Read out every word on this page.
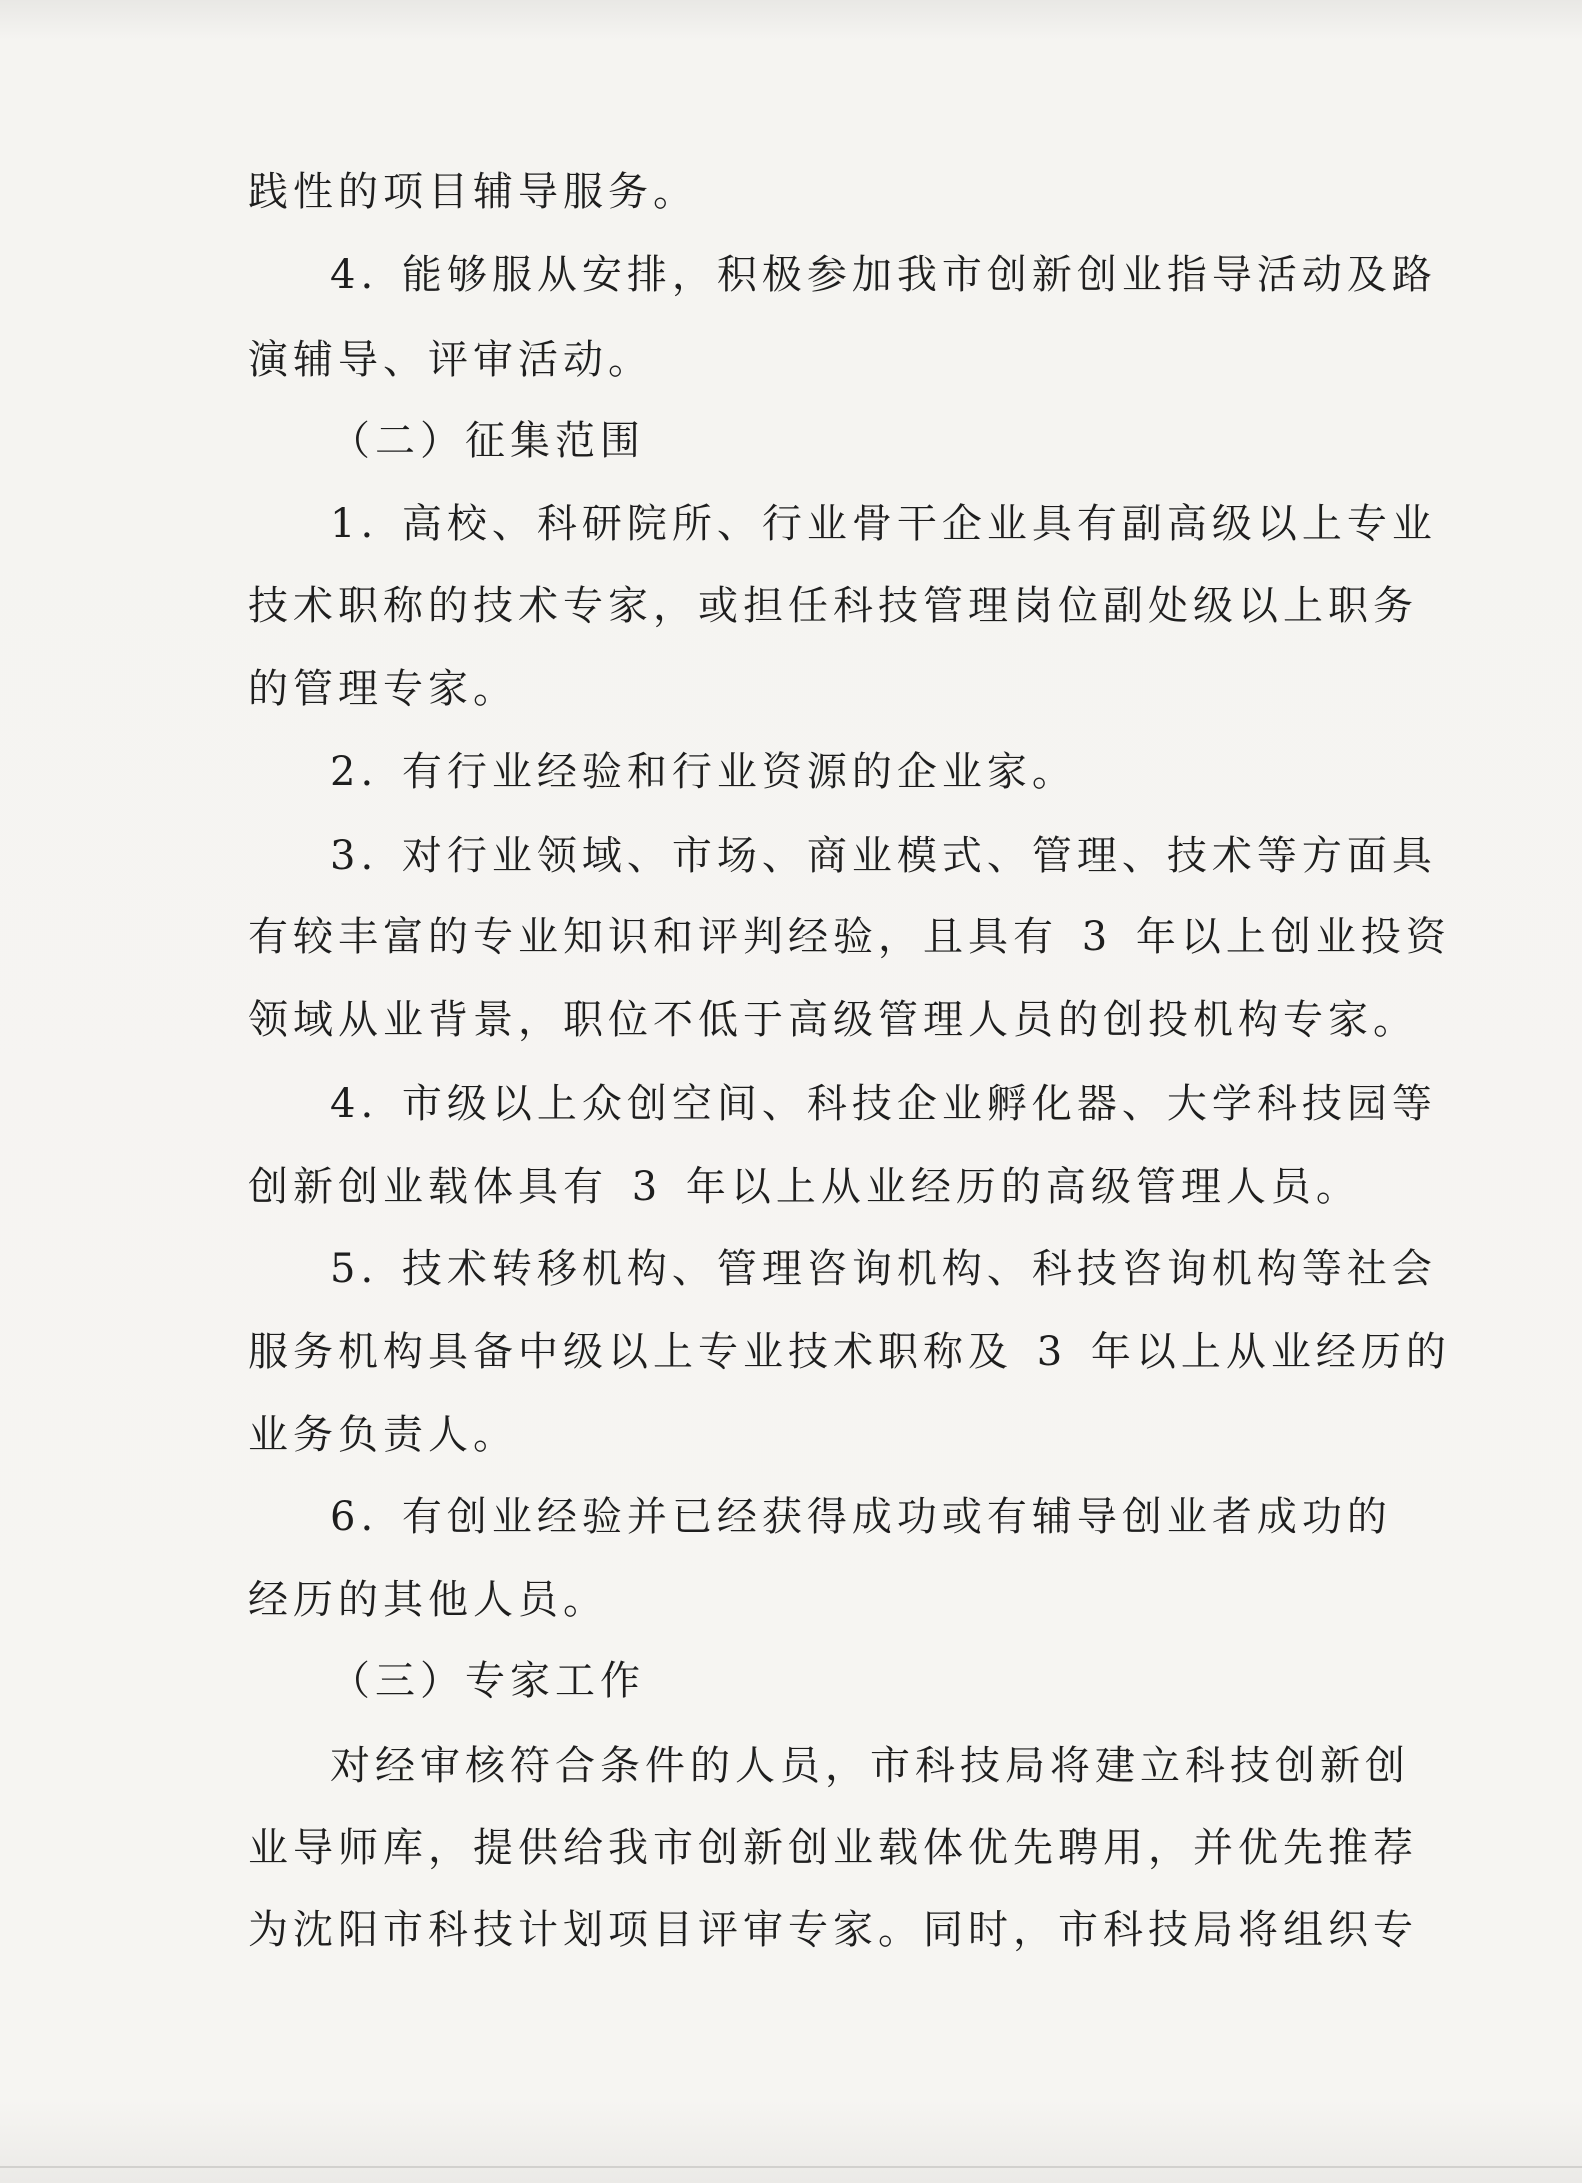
践性的项目辅导服务。
4. 能够服从安排，积极参加我市创新创业指导活动及路
演辅导、评审活动。
（二）征集范围
1. 高校、科研院所、行业骨干企业具有副高级以上专业
技术职称的技术专家，或担任科技管理岗位副处级以上职务
的管理专家。
2. 有行业经验和行业资源的企业家。
3. 对行业领域、市场、商业模式、管理、技术等方面具
有较丰富的专业知识和评判经验，且具有 3 年以上创业投资
领域从业背景，职位不低于高级管理人员的创投机构专家。
4. 市级以上众创空间、科技企业孵化器、大学科技园等
创新创业载体具有 3 年以上从业经历的高级管理人员。
5. 技术转移机构、管理咨询机构、科技咨询机构等社会
服务机构具备中级以上专业技术职称及 3 年以上从业经历的
业务负责人。
6. 有创业经验并已经获得成功或有辅导创业者成功的
经历的其他人员。
（三）专家工作
对经审核符合条件的人员，市科技局将建立科技创新创
业导师库，提供给我市创新创业载体优先聘用，并优先推荐
为沈阳市科技计划项目评审专家。同时，市科技局将组织专
